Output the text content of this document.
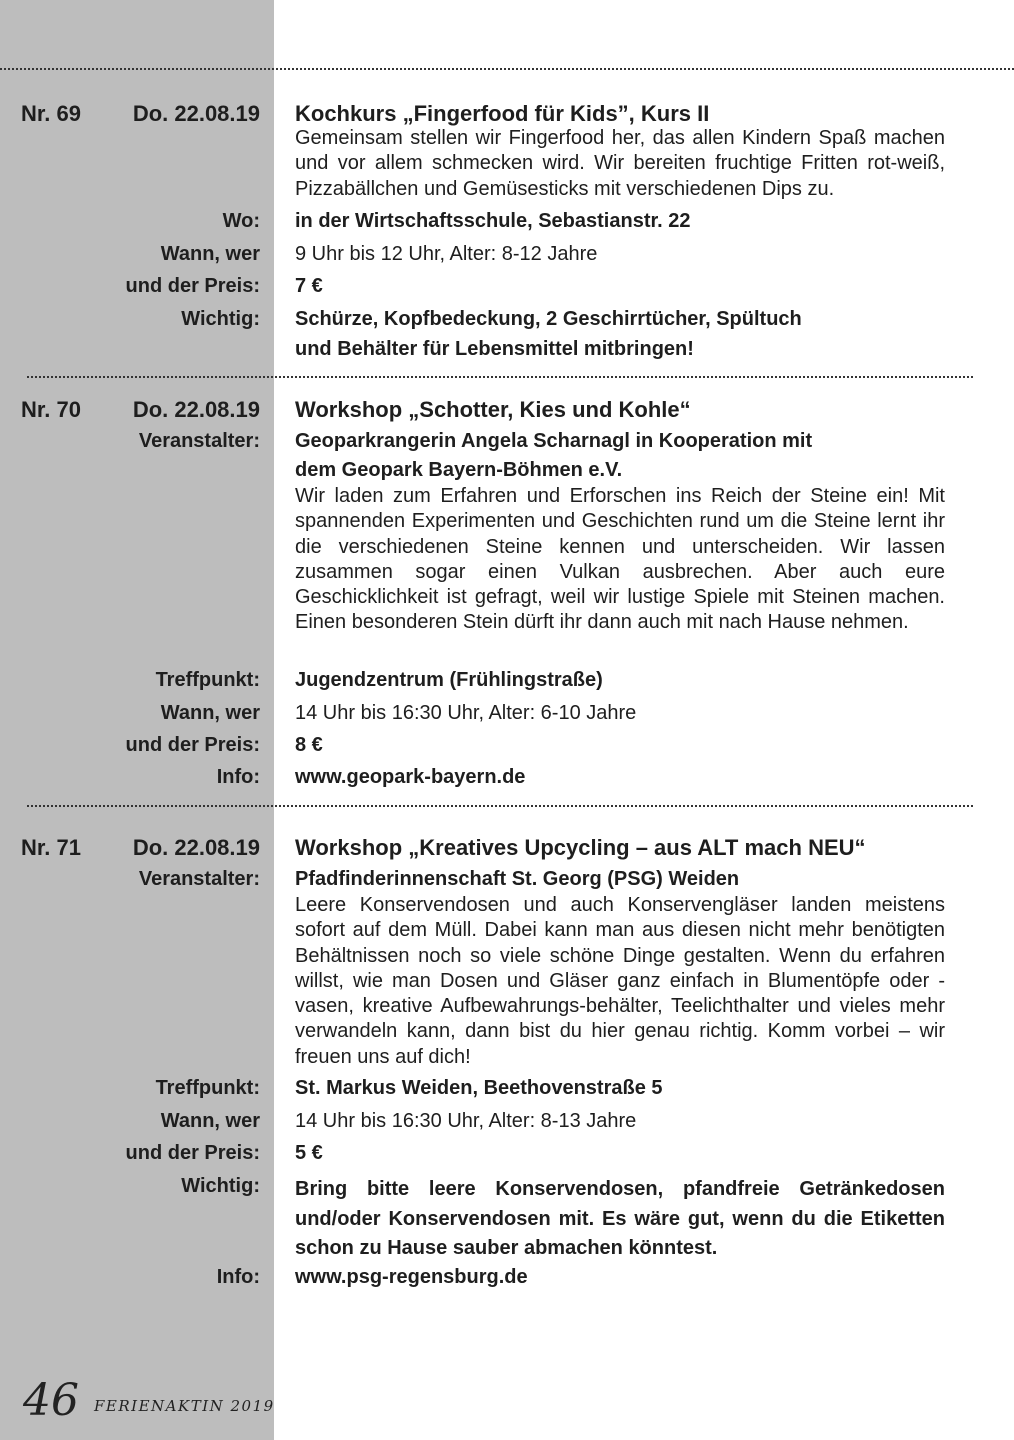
Nr. 69 Do. 22.08.19 Kochkurs „Fingerfood für Kids”, Kurs II
Gemeinsam stellen wir Fingerfood her, das allen Kindern Spaß machen und vor allem schmecken wird. Wir bereiten fruchtige Fritten rot-weiß, Pizzabällchen und Gemüsesticks mit verschiedenen Dips zu.
Wo: in der Wirtschaftsschule, Sebastianstr. 22
Wann, wer 9 Uhr bis 12 Uhr, Alter: 8-12 Jahre
und der Preis: 7 €
Wichtig: Schürze, Kopfbedeckung, 2 Geschirrtücher, Spültuch
und Behälter für Lebensmittel mitbringen!
Nr. 70 Do. 22.08.19 Workshop „Schotter, Kies und Kohle“
Veranstalter: Geoparkrangerin Angela Scharnagl in Kooperation mit
dem Geopark Bayern-Böhmen e.V.
Wir laden zum Erfahren und Erforschen ins Reich der Steine ein! Mit spannenden Experimenten und Geschichten rund um die Steine lernt ihr die verschiedenen Steine kennen und unterscheiden. Wir lassen zusammen sogar einen Vulkan ausbrechen. Aber auch eure Geschicklichkeit ist gefragt, weil wir lustige Spiele mit Steinen machen. Einen besonderen Stein dürft ihr dann auch mit nach Hause nehmen.
Treffpunkt: Jugendzentrum (Frühlingstraße)
Wann, wer 14 Uhr bis 16:30 Uhr, Alter: 6-10 Jahre
und der Preis: 8 €
Info: www.geopark-bayern.de
Nr. 71 Do. 22.08.19 Workshop „Kreatives Upcycling – aus ALT mach NEU“
Veranstalter: Pfadfinderinnenschaft St. Georg (PSG) Weiden
Leere Konservendosen und auch Konservengläser landen meistens sofort auf dem Müll. Dabei kann man aus diesen nicht mehr benötigten Behältnissen noch so viele schöne Dinge gestalten. Wenn du erfahren willst, wie man Dosen und Gläser ganz einfach in Blumentöpfe oder -vasen, kreative Aufbewahrungs-behälter, Teelichthalter und vieles mehr verwandeln kann, dann bist du hier genau richtig. Komm vorbei – wir freuen uns auf dich!
Treffpunkt: St. Markus Weiden, Beethovenstraße 5
Wann, wer 14 Uhr bis 16:30 Uhr, Alter: 8-13 Jahre
und der Preis: 5 €
Wichtig: Bring bitte leere Konservendosen, pfandfreie Getränkedosen und/oder Konservendosen mit. Es wäre gut, wenn du die Etiketten schon zu Hause sauber abmachen könntest.
Info: www.psg-regensburg.de
46 FERIENAKTIN 2019
